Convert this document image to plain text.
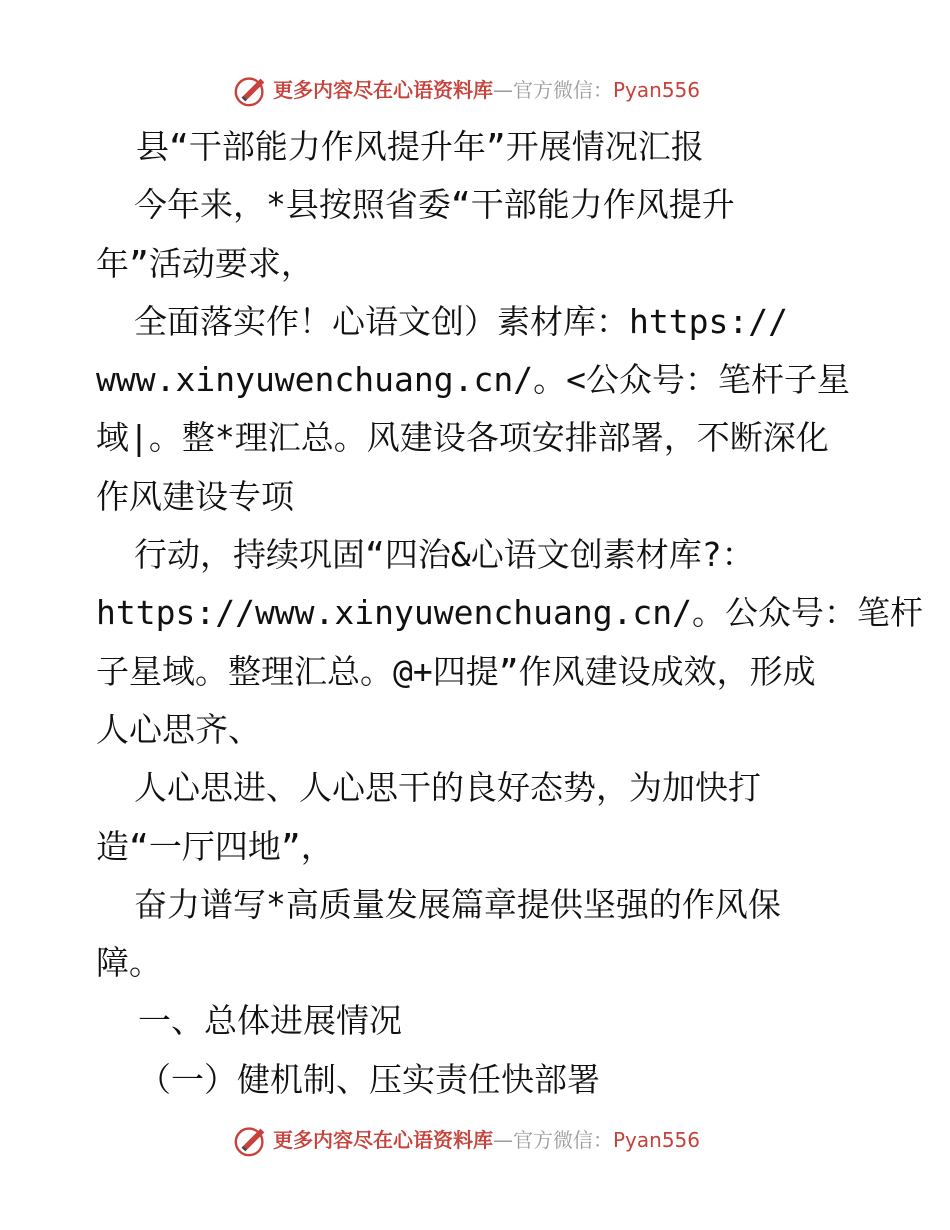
更多内容尽在心语资料库—官方微信：Pyan556
县“干部能力作风提升年”开展情况汇报
今年来，*县按照省委“干部能力作风提升
年”活动要求，
全面落实作！心语文创）素材库：https://
www.xinyuwenchuang.cn/。<公众号：笔杆子星
域|。整*理汇总。风建设各项安排部署，不断深化
作风建设专项
行动，持续巩固“四治&心语文创素材库?：
https://www.xinyuwenchuang.cn/。公众号：笔杆
子星域。整理汇总。@+四提”作风建设成效，形成
人心思齐、
人心思进、人心思干的良好态势，为加快打
造“一厅四地”，
奋力谱写*高质量发展篇章提供坚强的作风保
障。
一、总体进展情况
（一）健机制、压实责任快部署
更多内容尽在心语资料库—官方微信：Pyan556
